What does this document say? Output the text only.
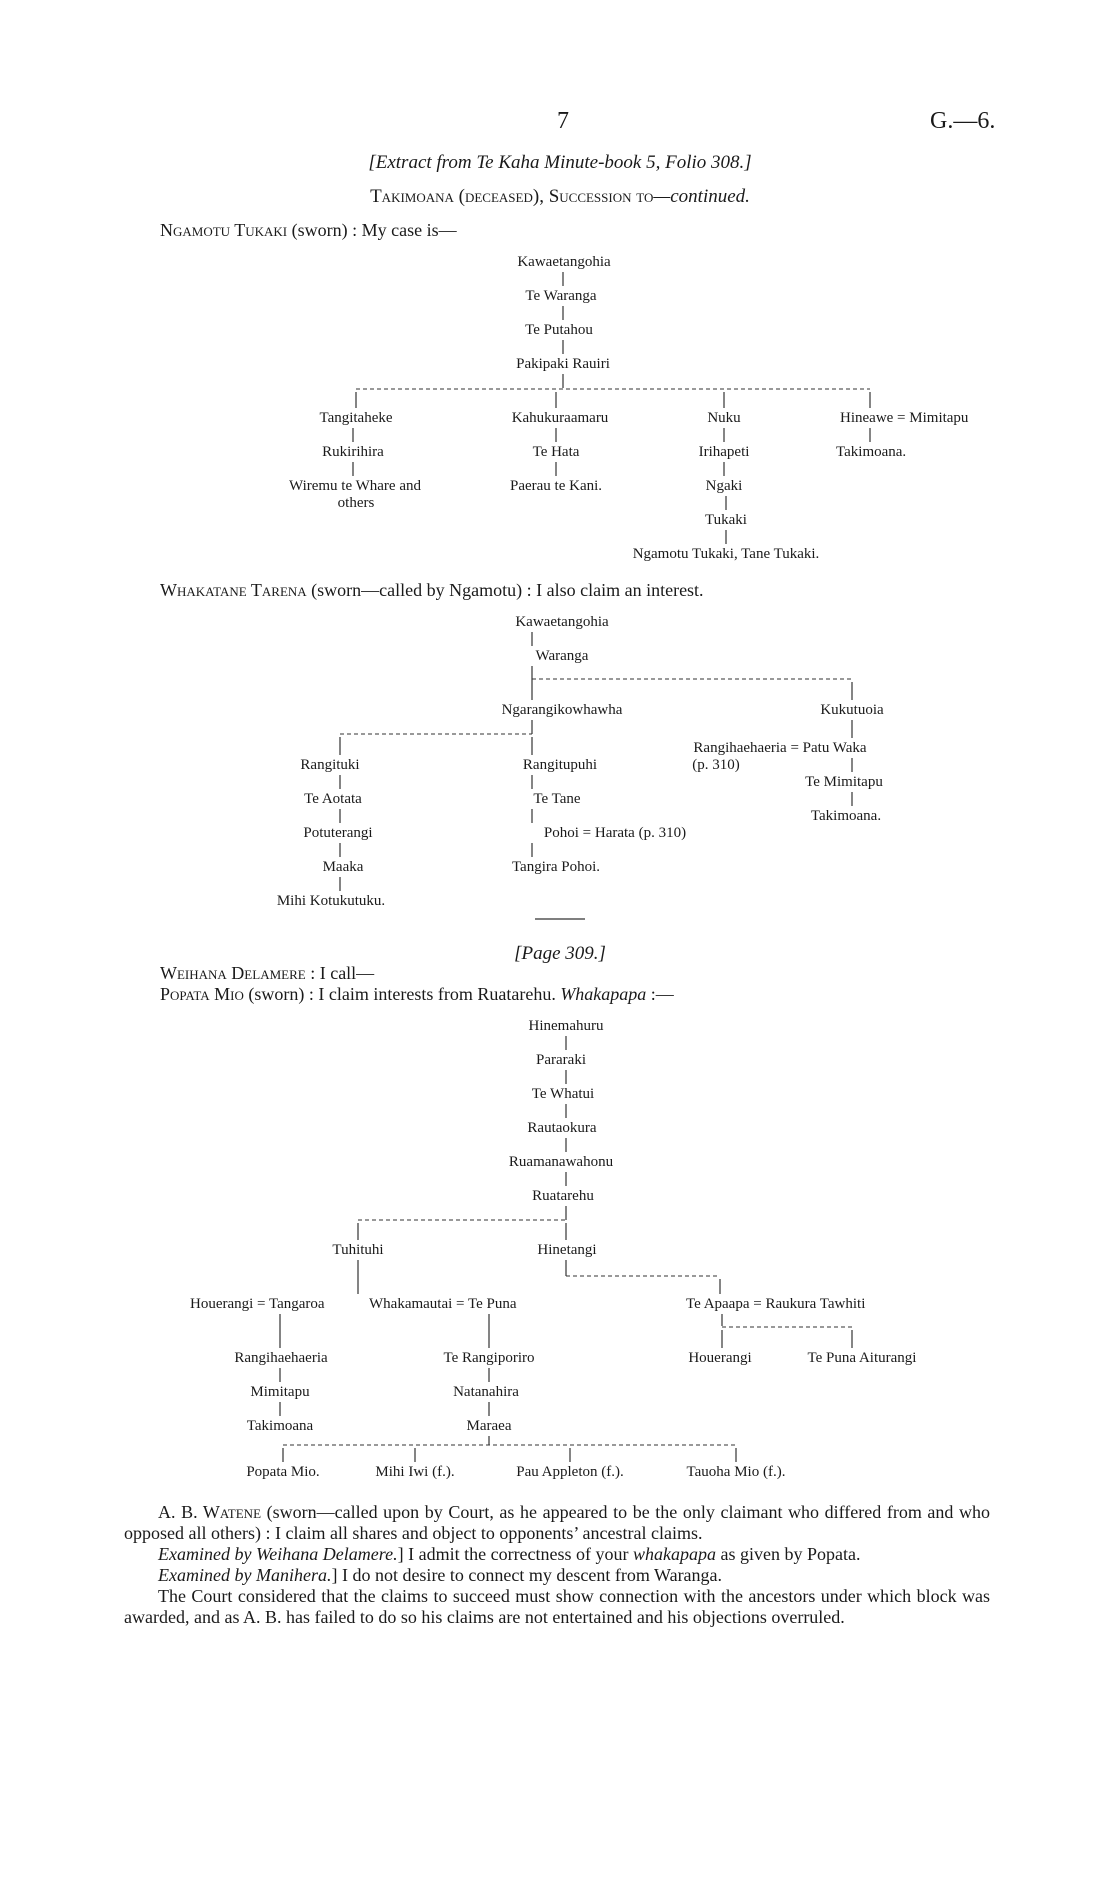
7	G.—6.
[Extract from Te Kaha Minute-book 5, Folio 308.]
Takimoana (deceased), Succession to—continued.
Ngamotu Tukaki (sworn) : My case is—
Kawaetangohia
Te Waranga
Te Putahou
Pakipaki Rauiri
Tangitaheke
Rukirihira
Wiremu te Whare and
others
Kahukuraamaru
Te Hata
Paerau te Kani.
Nuku
Irihapeti
Ngaki
Tukaki
Ngamotu Tukaki, Tane Tukaki.
Hineawe = Mimitapu
Takimoana.
Whakatane Tarena (sworn—called by Ngamotu) : I also claim an interest.
Kawaetangohia
Waranga
Ngarangikowhawha
Rangituki
Te Aotata
Potuterangi
Maaka
Mihi Kotukutuku.
Rangitupuhi
Te Tane
Pohoi = Harata (p. 310)
Tangira Pohoi.
Kukutuoia
Rangihaehaeria = Patu Waka
(p. 310)
Te Mimitapu
Takimoana.
[Page 309.]
Weihana Delamere : I call—
Popata Mio (sworn) : I claim interests from Ruatarehu. Whakapapa :—
Hinemahuru
Pararaki
Te Whatui
Rautaokura
Ruamanawahonu
Ruatarehu
Tuhituhi	Hinetangi
Houerangi = Tangaroa	Whakamautai = Te Puna	Te Apaapa = Raukura Tawhiti
Rangihaehaeria
Mimitapu
Takimoana
Te Rangiporiro
Natanahira
Maraea
Houerangi	Te Puna Aiturangi
Popata Mio.	Mihi Iwi (f.).	Pau Appleton (f.).	Tauoha Mio (f.).

A. B. Watene (sworn—called upon by Court, as he appeared to be the only claimant who differed from and who opposed all others) : I claim all shares and object to opponents’ ancestral claims.

Examined by Weihana Delamere.] I admit the correctness of your whakapapa as given by Popata.

Examined by Manihera.] I do not desire to connect my descent from Waranga.

The Court considered that the claims to succeed must show connection with the ancestors under which block was awarded, and as A. B. has failed to do so his claims are not entertained and his objections overruled.
